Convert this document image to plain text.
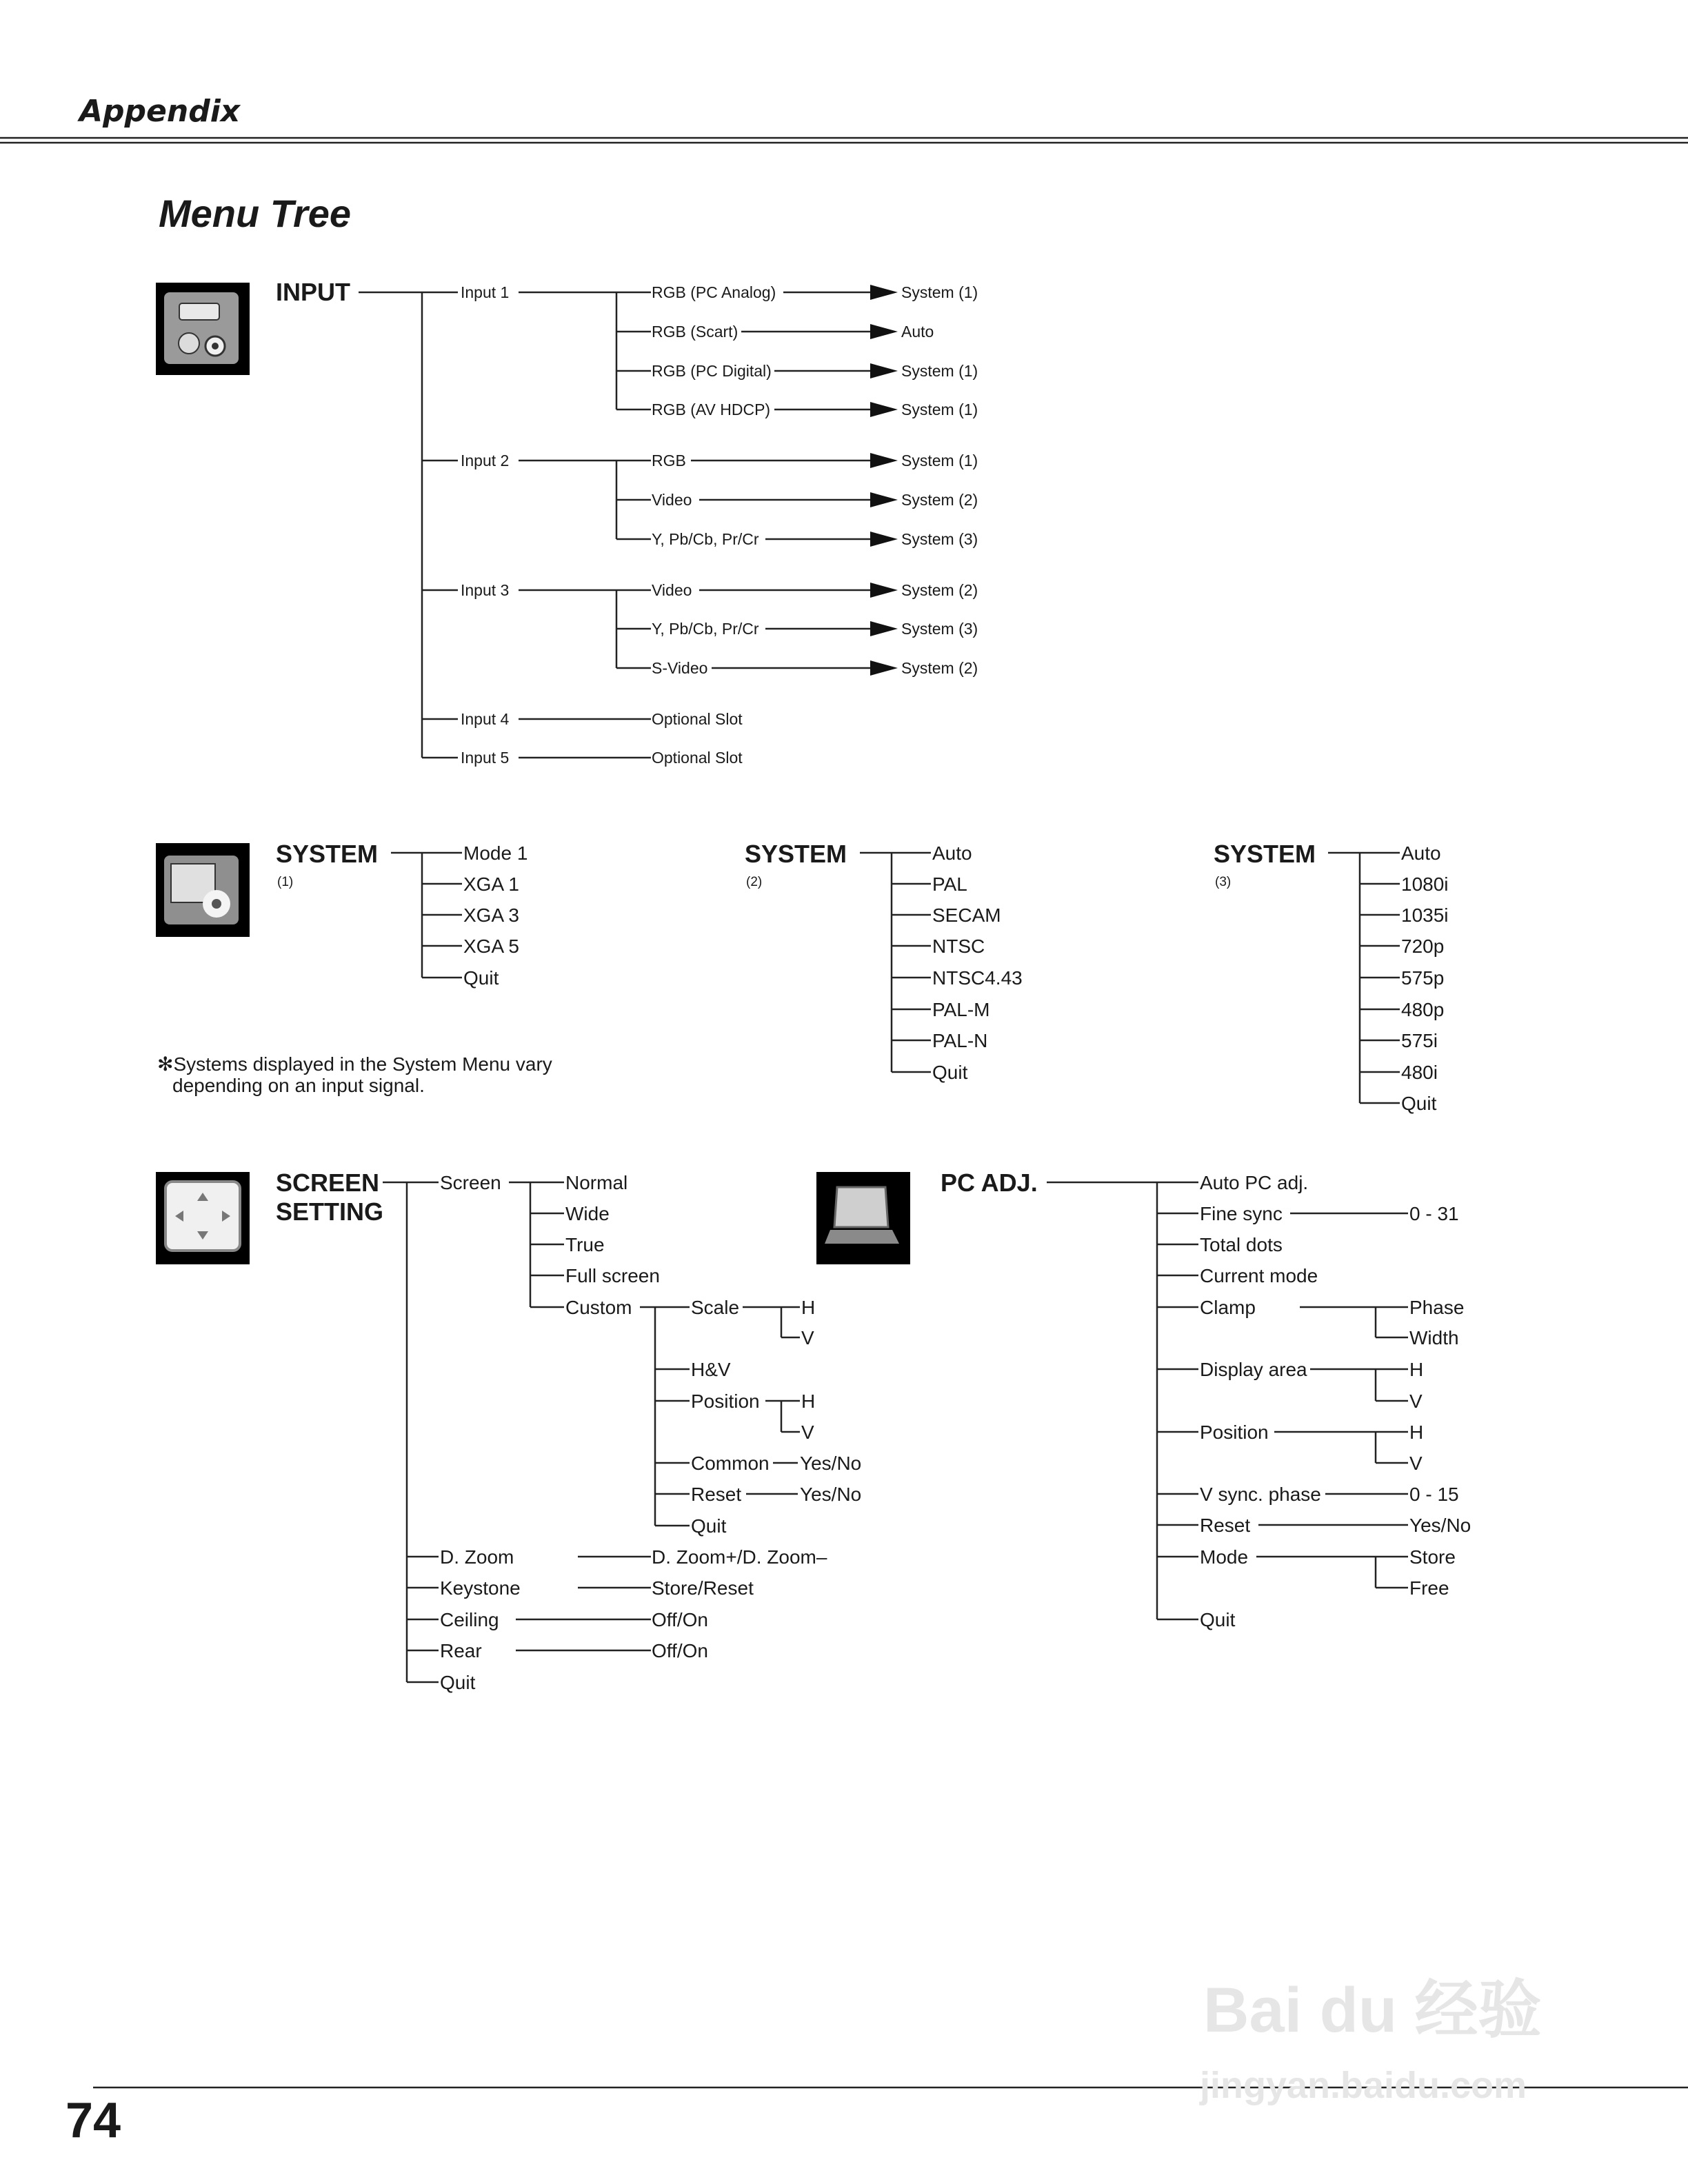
Appendix
Menu Tree
INPUT	Input 1
Input 2
Input 3
Input 4
Input 5
RGB (PC Analog)
RGB (Scart)
RGB (PC Digital)
RGB (AV HDCP)
RGB
Video
Y, Pb/Cb, Pr/Cr
Video
Y, Pb/Cb, Pr/Cr
S-Video
Optional Slot
Optional Slot
System (1)
Auto
System (1)
System (1)
System (1)
System (2)
System (3)
System (2)
System (3)
System (2)
SYSTEM
(1)
Mode 1
XGA 1
XGA 3
XGA 5
Quit
SYSTEM
(2)
Auto
PAL
SECAM
NTSC
NTSC4.43
PAL-M
PAL-N
Quit
SYSTEM
(3)
Auto
1080i
1035i
720p
575p
480p
575i
480i
Quit
✻Systems displayed in the System Menu vary
depending on an input signal.
SCREEN
SETTING
Screen	Normal
Wide
True
Full screen
Custom	Scale
H&V
Position
Common
Reset
Quit
H
V
H
V
Yes/No
Yes/No
D. Zoom
Keystone
Ceiling
Rear
Quit
D. Zoom+/D. Zoom–
Store/Reset
Off/On
Off/On
PC ADJ.	Auto PC adj.
Fine sync
Total dots
Current mode
Clamp
Display area
Position
V sync. phase
Reset
Mode
Quit
0 - 31
Phase
Width
H
V
H
V
0 - 15
Yes/No
Store
Free
Bai du 经验
jingyan.baidu.com
74
